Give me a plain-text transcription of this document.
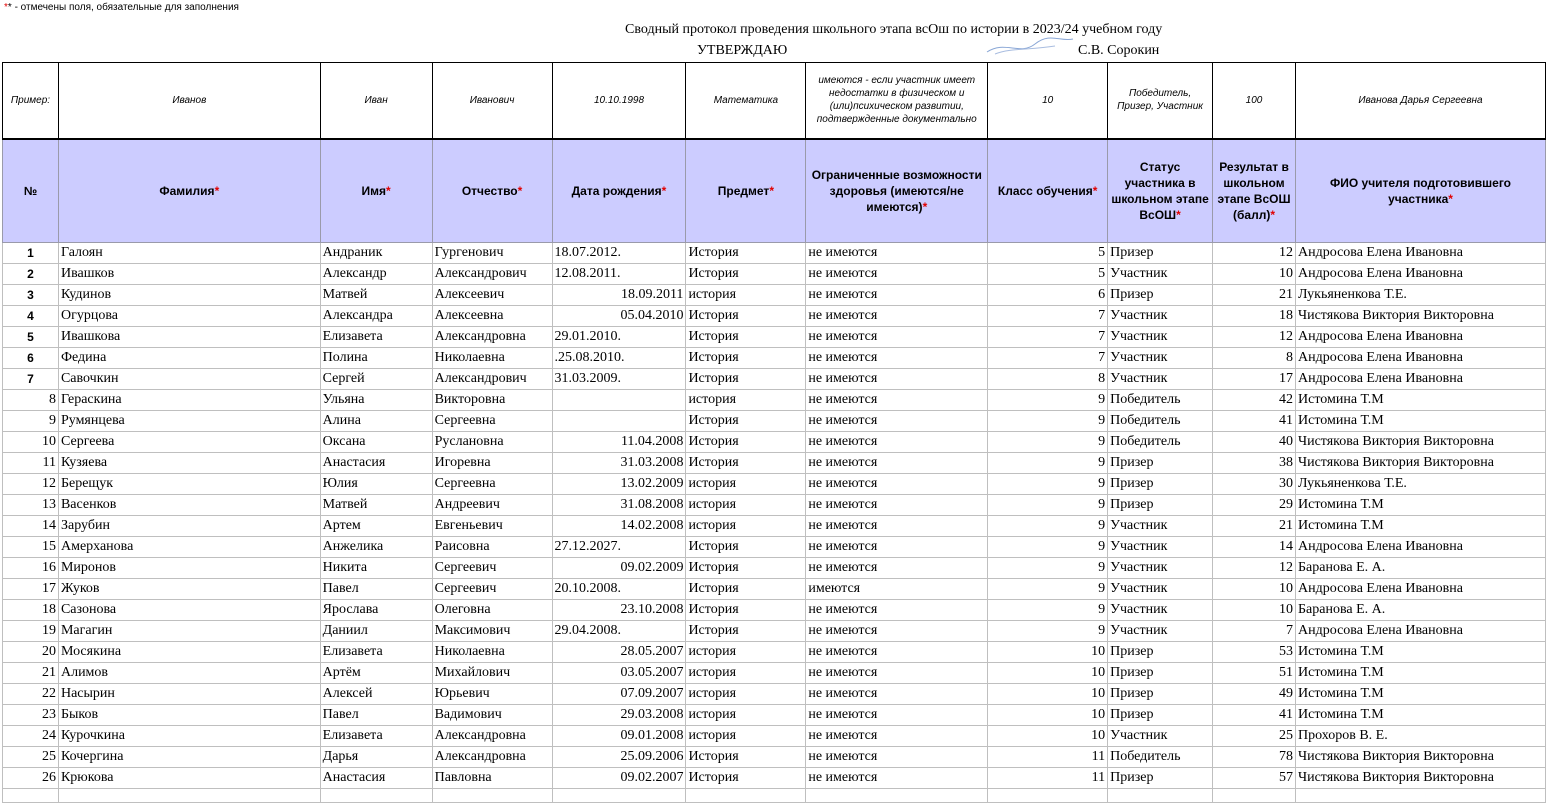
** - отмечены поля, обязательные для заполнения
Сводный протокол проведения школьного этапа всОш по истории в 2023/24 учебном году
УТВЕРЖДАЮ	С.В. Сорокин
Пример:	Иванов	Иван	Иванович	10.10.1998	Математика	имеются - если участник имеет недостатки в физическом и (или)психическом развитии, подтвержденные документально	10	Победитель, Призер, Участник	100	Иванова Дарья Сергеевна
№	Фамилия*	Имя*	Отчество*	Дата рождения*	Предмет*	Ограниченные возможности здоровья (имеются/не имеются)*	Класс обучения*	Статус участника в школьном этапе ВсОШ*	Результат в школьном этапе ВсОШ (балл)*	ФИО учителя подготовившего участника*
1	Галоян	Андраник	Гургенович	18.07.2012.	История	не имеются	5	Призер	12	Андросова Елена Ивановна
2	Ивашков	Александр	Александрович	12.08.2011.	История	не имеются	5	Участник	10	Андросова Елена Ивановна
3	Кудинов	Матвей	Алексеевич	18.09.2011	история	не имеются	6	Призер	21	Лукьяненкова Т.Е.
4	Огурцова	Александра	Алексеевна	05.04.2010	История	не имеются	7	Участник	18	Чистякова Виктория Викторовна
5	Ивашкова	Елизавета	Александровна	29.01.2010.	История	не имеются	7	Участник	12	Андросова Елена Ивановна
6	Федина	Полина	Николаевна	.25.08.2010.	История	не имеются	7	Участник	8	Андросова Елена Ивановна
7	Савочкин	Сергей	Александрович	31.03.2009.	История	не имеются	8	Участник	17	Андросова Елена Ивановна
8	Гераскина	Ульяна	Викторовна		история	не имеются	9	Победитель	42	Истомина Т.М
9	Румянцева	Алина	Сергеевна		История	не имеются	9	Победитель	41	Истомина Т.М
10	Сергеева	Оксана	Руслановна	11.04.2008	История	не имеются	9	Победитель	40	Чистякова Виктория Викторовна
11	Кузяева	Анастасия	Игоревна	31.03.2008	История	не имеются	9	Призер	38	Чистякова Виктория Викторовна
12	Берещук	Юлия	Сергеевна	13.02.2009	история	не имеются	9	Призер	30	Лукьяненкова Т.Е.
13	Васенков	Матвей	Андреевич	31.08.2008	история	не имеются	9	Призер	29	Истомина Т.М
14	Зарубин	Артем	Евгеньевич	14.02.2008	история	не имеются	9	Участник	21	Истомина Т.М
15	Амерханова	Анжелика	Раисовна	27.12.2027.	История	не имеются	9	Участник	14	Андросова Елена Ивановна
16	Миронов	Никита	Сергеевич	09.02.2009	История	не имеются	9	Участник	12	Баранова Е. А.
17	Жуков	Павел	Сергеевич	20.10.2008.	История	имеются	9	Участник	10	Андросова Елена Ивановна
18	Сазонова	Ярослава	Олеговна	23.10.2008	История	не имеются	9	Участник	10	Баранова Е. А.
19	Магагин	Даниил	Максимович	29.04.2008.	История	не имеются	9	Участник	7	Андросова Елена Ивановна
20	Мосякина	Елизавета	Николаевна	28.05.2007	история	не имеются	10	Призер	53	Истомина Т.М
21	Алимов	Артём	Михайлович	03.05.2007	история	не имеются	10	Призер	51	Истомина Т.М
22	Насырин	Алексей	Юрьевич	07.09.2007	история	не имеются	10	Призер	49	Истомина Т.М
23	Быков	Павел	Вадимович	29.03.2008	история	не имеются	10	Призер	41	Истомина Т.М
24	Курочкина	Елизавета	Александровна	09.01.2008	история	не имеются	10	Участник	25	Прохоров В. Е.
25	Кочергина	Дарья	Александровна	25.09.2006	История	не имеются	11	Победитель	78	Чистякова Виктория Викторовна
26	Крюкова	Анастасия	Павловна	09.02.2007	История	не имеются	11	Призер	57	Чистякова Виктория Викторовна
